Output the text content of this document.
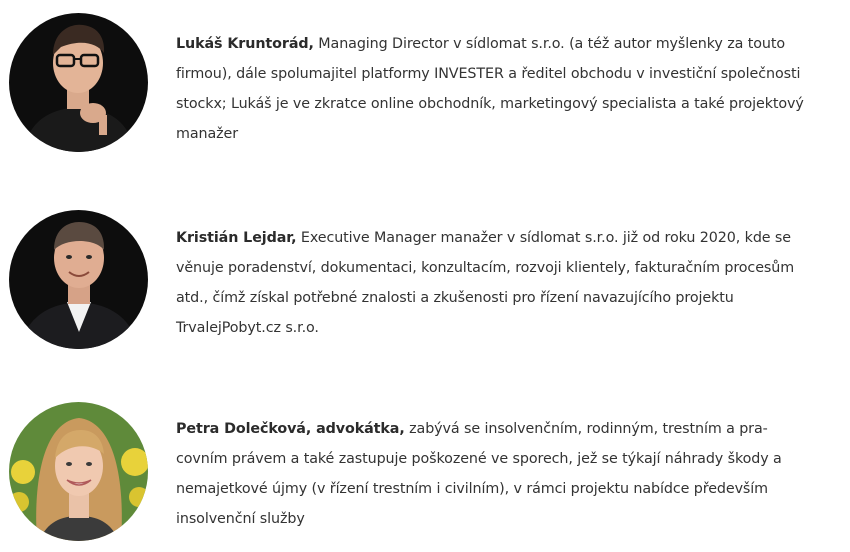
Lukáš Kruntorád, Managing Director v sídlomat s.r.o. (a též autor myšlenky za touto firmou), dále spolumajitel platformy INVESTER a ředitel obchodu v investiční společnosti stockx; Lukáš je ve zkratce online obchodník, marketingový specialista a také projektový manažer

Kristián Lejdar, Executive Manager manažer v sídlomat s.r.o. již od roku 2020, kde se věnuje poradenství, dokumentaci, konzultacím, rozvoji klientely, fakturačním procesům atd., čímž získal potřebné znalosti a zkušenosti pro řízení navazujícího projektu TrvalejPobyt.cz s.r.o.

Petra Dolečková, advokátka, zabývá se insolvenčním, rodinným, trestním a pracovním právem a také zastupuje poškozené ve sporech, jež se týkají náhrady škody a nemajetkové újmy (v řízení trestním i civilním), v rámci projektu nabídce především insolvenční služby
